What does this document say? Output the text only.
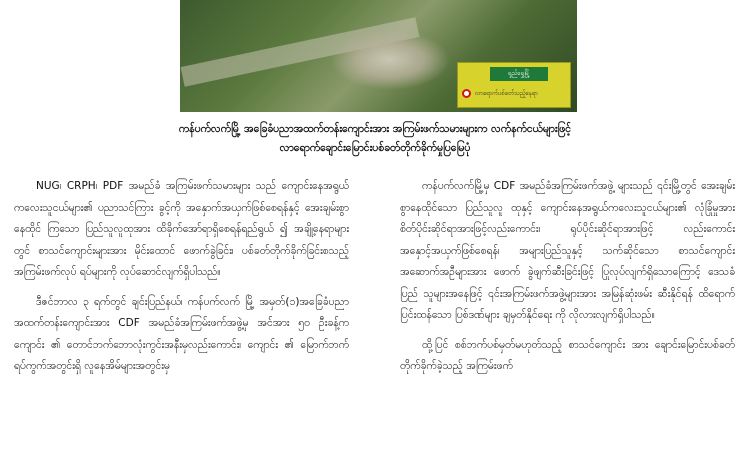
ရှည်ရွှေမြို့
လာရောက်ပစ်ခတ်သည့်နေရာ
ကန်ပက်လက်မြို့ အခြေခံပညာအထက်တန်းကျောင်းအား အကြမ်းဖက်သမားများက လက်နက်ငယ်များဖြင့်
လာရောက်ချောင်းမြောင်းပစ်ခတ်တိုက်ခိုက်မှုပြမြေပုံ

NUG၊ CRPH၊ PDF အမည်ခံ အကြမ်းဖက်သမားများ သည် ကျောင်းနေအရွယ်ကလေးသူငယ်များ၏ ပညာသင်ကြား ခွင့်ကို အနှောက်အယှက်ဖြစ်စေရန်နှင့် အေးချမ်းစွာ နေထိုင် ကြသော ပြည်သူလူထုအား ထိခိုက်အော်ရာရှိစေရန်ရည်ရွယ် ၍ အချို့နေရာများတွင် စာသင်ကျောင်းများအား မိုင်းထောင် ဖောက်ခွဲခြင်း၊ ပစ်ခတ်တိုက်ခိုက်ခြင်းစသည့် အကြမ်းဖက်လုပ် ရပ်များကို လုပ်ဆောင်လျက်ရှိပါသည်။

ဒီဇင်ဘာလ ၃ ရက်တွင် ချင်းပြည်နယ်၊ ကန်ပက်လက် မြို့ အမှတ်(၁)အခြေခံပညာအထက်တန်းကျောင်းအား CDF အမည်ခံအကြမ်းဖက်အဖွဲ့မှ အင်အား ၅၀ ဦးခန့်က ကျောင်း ၏ တောင်ဘက်ဘောလုံးကွင်းအနီးမှလည်းကောင်း၊ ကျောင်း ၏ မြောက်ဘက်ရပ်ကွက်အတွင်းရှိ လူနေအိမ်များအတွင်းမှ

ကန်ပက်လက်မြို့မှ CDF အမည်ခံအကြမ်းဖက်အဖွဲ့ များသည် ၎င်းမြို့တွင် အေးချမ်းစွာနေထိုင်သော ပြည်သူလူ ထုနှင့် ကျောင်းနေအရွယ်ကလေးသူငယ်များ၏ လုံခြုံမှုအား စိတ်ပိုင်းဆိုင်ရာအားဖြင့်လည်းကောင်း၊ ရုပ်ပိုင်းဆိုင်ရာအားဖြင့် လည်းကောင်း အနှောင့်အယှက်ဖြစ်စေရန်၊ အများပြည်သူနှင့် သက်ဆိုင်သော စာသင်ကျောင်းအဆောက်အဦများအား ဖောက် ခွဲဖျက်ဆီးခြင်းဖြင့် ပြုလုပ်လျက်ရှိသောကြောင့် ဒေသခံပြည် သူများအနေဖြင့် ၎င်းအကြမ်းဖက်အဖွဲ့များအား အမြန်ဆုံးဖမ်း ဆီးနိုင်ရန် ထိရောက်ပြင်းထန်သော ပြစ်ဒဏ်များ ချမှတ်နိုင်ရေး ကို လိုလားလျက်ရှိပါသည်။

ထို့ပြင် စစ်ဘက်ပစ်မှတ်မဟုတ်သည့် စာသင်ကျောင်း အား ချောင်းမြောင်းပစ်ခတ်တိုက်ခိုက်ခဲ့သည့် အကြမ်းဖက်
